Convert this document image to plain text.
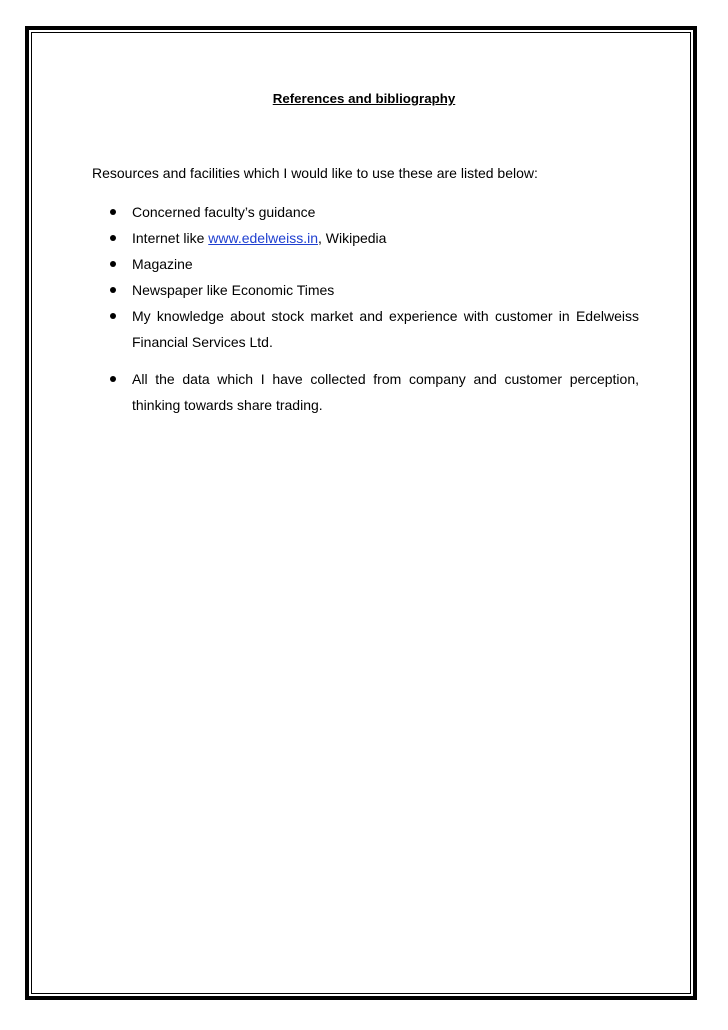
References and bibliography
Resources and facilities which I would like to use these are listed below:
Concerned faculty’s guidance
Internet like www.edelweiss.in, Wikipedia
Magazine
Newspaper like Economic Times
My knowledge about stock market and experience with customer in Edelweiss Financial Services Ltd.
All the data which I have collected from company and customer perception, thinking towards share trading.
